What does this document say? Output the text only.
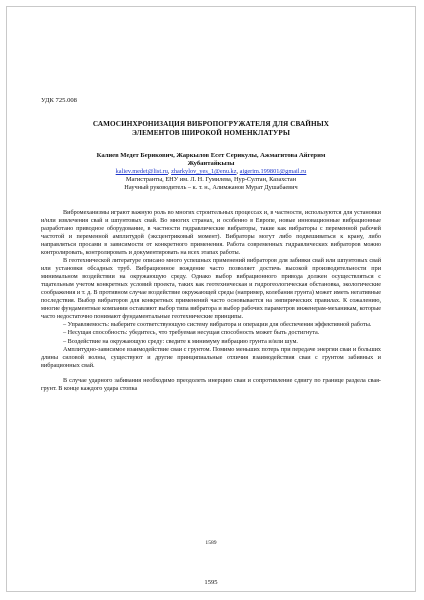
УДК 725.008
САМОСИНХРОНИЗАЦИЯ ВИБРОПОГРУЖАТЕЛЯ ДЛЯ СВАЙНЫХ
ЭЛЕМЕНТОВ ШИРОКОЙ НОМЕНКЛАТУРЫ
Калиев Медет Берикович, Жаркылов Есет Серикулы, Ажмагитова Айгерим
Жубантайкызы
kaliev.medet@list.ru, zharkylov_yes_1@enu.kz, aigerim.199801@gmail.ru
Магистранты, ЕНУ им. Л. Н. Гумилева, Нур-Султан, Казахстан
Научный руководитель – к. т. н., Алимжанов Мурат Душабаевич

Вибромеханизмы играют важную роль во многих строительных процессах и, в частности, используются для установки и/или извлечения свай и шпунтовых свай. Во многих странах, и особенно в Европе, новые инновационные вибрационные разработано приводное оборудование, в частности гидравлические вибраторы, такие как вибраторы с переменной рабочей частотой и переменной амплитудой (эксцентриковый момент). Вибраторы могут либо подвешиваться к крану, либо направляться просами в зависимости от конкретного применения. Работа современных гидравлических вибраторов можно контролировать, контролировать и документировать на всех этапах работы.

В геотехнической литературе описано много успешных применений вибраторов для забивки свай или шпунтовых свай или установки обсадных труб. Вибрационное вождение часто позволяет достичь высокой производительности при минимальном воздействии на окружающую среду. Однако выбор вибрационного привода должен осуществляться с тщательным учетом конкретных условий проекта, таких как геотехническая и гидрогеологическая обстановка, экологические соображения и т. д. В противном случае воздействие окружающей среды (например, колебания грунта) может иметь негативные последствия. Выбор вибраторов для конкретных применений часто основывается на эмпирических правилах. К сожалению, многие фундаментные компании оставляют выбор типа вибратора и выбор рабочих параметров инженерам-механикам, которые часто недостаточно понимают фундаментальные геотехнические принципы.

– Управляемость: выберите соответствующую систему вибратора и операции для обеспечения эффективной работы.

– Несущая способность: убедитесь, что требуемая несущая способность может быть достигнута.

– Воздействие на окружающую среду: сведите к минимуму вибрацию грунта и/или шум.

Амплитудно-зависимое взаимодействие сваи с грунтом. Помимо меньших потерь при передаче энергии сваи и больших длины силовой волны, существуют и другие принципиальные отличия взаимодействия сваи с грунтом забивных и вибрационных свай.

В случае ударного забивания необходимо преодолеть инерцию сваи и сопротивление сдвигу по границе раздела свая-грунт. В конце каждого удара стопка

1589
1595
